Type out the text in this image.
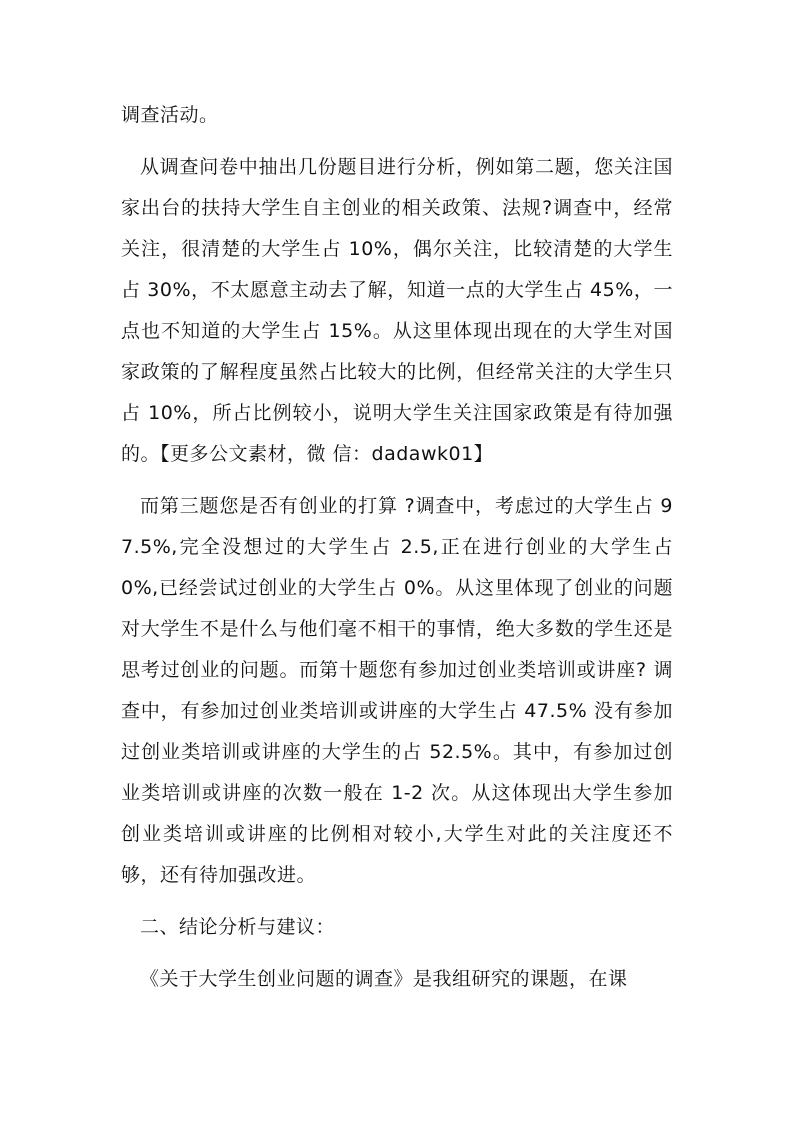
调查活动。

从调查问卷中抽出几份题目进行分析，例如第二题，您关注国家出台的扶持大学生自主创业的相关政策、法规?调查中，经常关注，很清楚的大学生占 10%，偶尔关注，比较清楚的大学生占 30%，不太愿意主动去了解，知道一点的大学生占 45%，一点也不知道的大学生占 15%。从这里体现出现在的大学生对国家政策的了解程度虽然占比较大的比例，但经常关注的大学生只占 10%，所占比例较小，说明大学生关注国家政策是有待加强的。【更多公文素材，微 信：dadawk01】

而第三题您是否有创业的打算 ?调查中，考虑过的大学生占 97.5%,完全没想过的大学生占 2.5,正在进行创业的大学生占 0%,已经尝试过创业的大学生占 0%。从这里体现了创业的问题对大学生不是什么与他们毫不相干的事情，绝大多数的学生还是思考过创业的问题。而第十题您有参加过创业类培训或讲座? 调查中，有参加过创业类培训或讲座的大学生占 47.5% 没有参加过创业类培训或讲座的大学生的占 52.5%。其中，有参加过创业类培训或讲座的次数一般在 1-2 次。从这体现出大学生参加创业类培训或讲座的比例相对较小,大学生对此的关注度还不够，还有待加强改进。

二、结论分析与建议：

《关于大学生创业问题的调查》是我组研究的课题，在课
